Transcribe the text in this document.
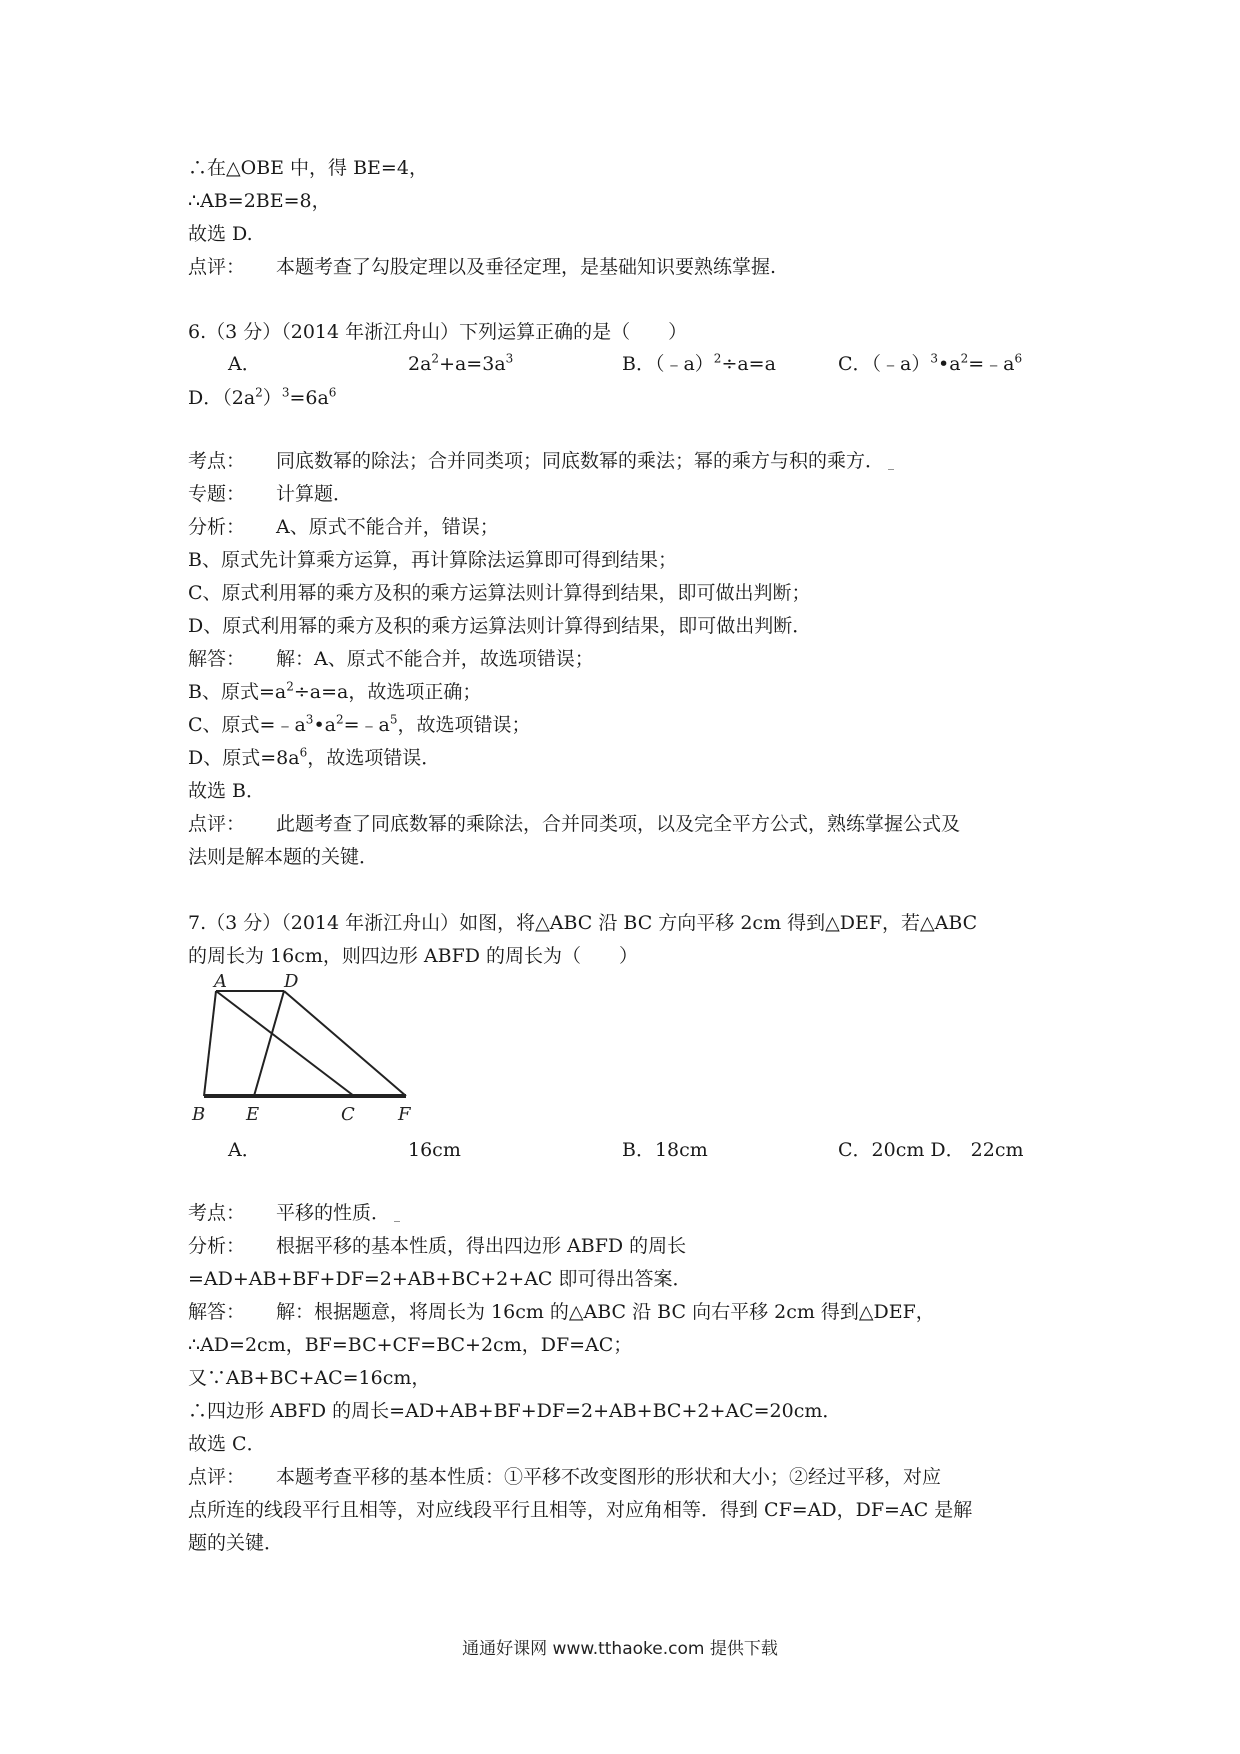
∴在△OBE 中，得 BE=4，
∴AB=2BE=8，
故选 D.
点评： 本题考查了勾股定理以及垂径定理，是基础知识要熟练掌握.
6.（3 分）（2014 年浙江舟山）下列运算正确的是（　　）
A．	$2a^2+a=3a^3$	B．（﹣a）$^2$÷a=a	C．$(﹣a)^3•a^2=﹣a^6$
D．$(2a^2)^3=6a^6$
考点： 同底数幂的除法；合并同类项；同底数幂的乘法；幂的乘方与积的乘方． _
专题： 计算题．
分析： A、原式不能合并，错误；
B、原式先计算乘方运算，再计算除法运算即可得到结果；
C、原式利用幂的乘方及积的乘方运算法则计算得到结果，即可做出判断；
D、原式利用幂的乘方及积的乘方运算法则计算得到结果，即可做出判断．
解答： 解：A、原式不能合并，故选项错误；
B、原式$=a^2\div a=a$，故选项正确；
C、原式$=﹣a^3•a^2=﹣a^5$，故选项错误；
D、原式$=8a^6$，故选项错误．
故选 B．
点评： 此题考查了同底数幂的乘除法，合并同类项，以及完全平方公式，熟练掌握公式及
法则是解本题的关键．
7.（3 分）（2014 年浙江舟山）如图，将△ABC 沿 BC 方向平移 2cm 得到△DEF，若△ABC
的周长为 16cm，则四边形 ABFD 的周长为（　　）
A	D
B E	C F
A．	16cm	B．18cm	C．20cm D． 22cm
考点： 平移的性质． _
分析： 根据平移的基本性质，得出四边形 ABFD 的周长
=AD+AB+BF+DF=2+AB+BC+2+AC 即可得出答案．
解答： 解：根据题意，将周长为 16cm 的△ABC 沿 BC 向右平移 2cm 得到△DEF，
∴AD=2cm，BF=BC+CF=BC+2cm，DF=AC；
又∵AB+BC+AC=16cm，
∴四边形 ABFD 的周长=AD+AB+BF+DF=2+AB+BC+2+AC=20cm．
故选 C．
点评： 本题考查平移的基本性质：①平移不改变图形的形状和大小；②经过平移，对应
点所连的线段平行且相等，对应线段平行且相等，对应角相等．得到 CF=AD，DF=AC 是解
题的关键．
通通好课网 www.tthaoke.com 提供下载
